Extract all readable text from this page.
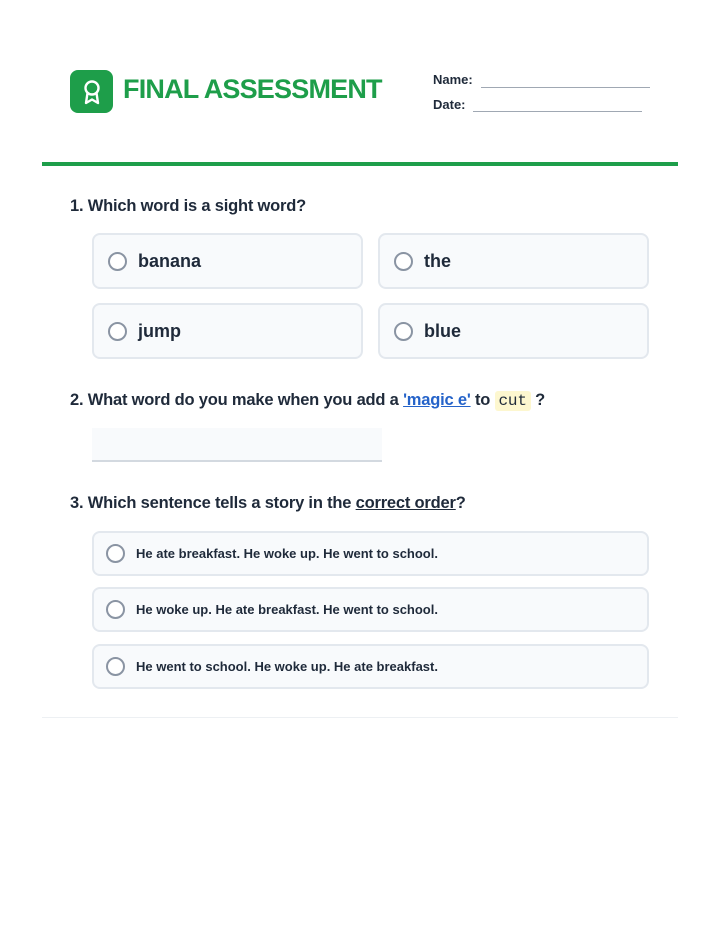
FINAL ASSESSMENT	Name:
Date:
1. Which word is a sight word?
banana	the
jump	blue
2. What word do you make when you add a 'magic e' to cut ?
3. Which sentence tells a story in the correct order?
He ate breakfast. He woke up. He went to school.
He woke up. He ate breakfast. He went to school.
He went to school. He woke up. He ate breakfast.
